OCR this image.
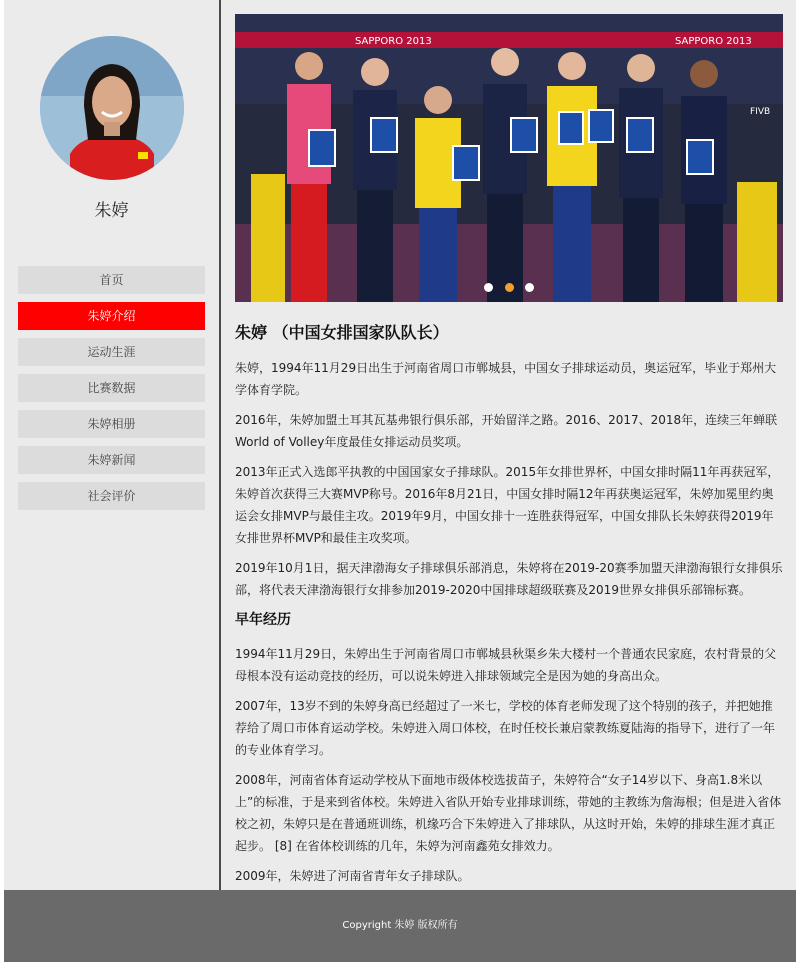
朱婷
首页
朱婷介绍
运动生涯
比赛数据
朱婷相册
朱婷新闻
社会评价
SAPPORO 2013	SAPPORO 2013
FIVB

朱婷 （中国女排国家队队长）

朱婷，1994年11月29日出生于河南省周口市郸城县，中国女子排球运动员，奥运冠军，毕业于郑州大学体育学院。

2016年，朱婷加盟土耳其瓦基弗银行俱乐部，开始留洋之路。2016、2017、2018年，连续三年蝉联World of Volley年度最佳女排运动员奖项。

2013年正式入选郎平执教的中国国家女子排球队。2015年女排世界杯，中国女排时隔11年再获冠军，朱婷首次获得三大赛MVP称号。2016年8月21日，中国女排时隔12年再获奥运冠军，朱婷加冕里约奥运会女排MVP与最佳主攻。2019年9月，中国女排十一连胜获得冠军，中国女排队长朱婷获得2019年女排世界杯MVP和最佳主攻奖项。

2019年10月1日，据天津渤海女子排球俱乐部消息，朱婷将在2019-20赛季加盟天津渤海银行女排俱乐部，将代表天津渤海银行女排参加2019-2020中国排球超级联赛及2019世界女排俱乐部锦标赛。

早年经历

1994年11月29日，朱婷出生于河南省周口市郸城县秋渠乡朱大楼村一个普通农民家庭，农村背景的父母根本没有运动竞技的经历，可以说朱婷进入排球领域完全是因为她的身高出众。

2007年，13岁不到的朱婷身高已经超过了一米七，学校的体育老师发现了这个特别的孩子，并把她推荐给了周口市体育运动学校。朱婷进入周口体校，在时任校长兼启蒙教练夏陆海的指导下，进行了一年的专业体育学习。

2008年，河南省体育运动学校从下面地市级体校选拔苗子，朱婷符合“女子14岁以下、身高1.8米以上”的标准，于是来到省体校。朱婷进入省队开始专业排球训练，带她的主教练为詹海根；但是进入省体校之初，朱婷只是在普通班训练，机缘巧合下朱婷进入了排球队，从这时开始，朱婷的排球生涯才真正起步。 [8] 在省体校训练的几年，朱婷为河南鑫苑女排效力。

2009年，朱婷进了河南省青年女子排球队。

Copyright 朱婷 版权所有
